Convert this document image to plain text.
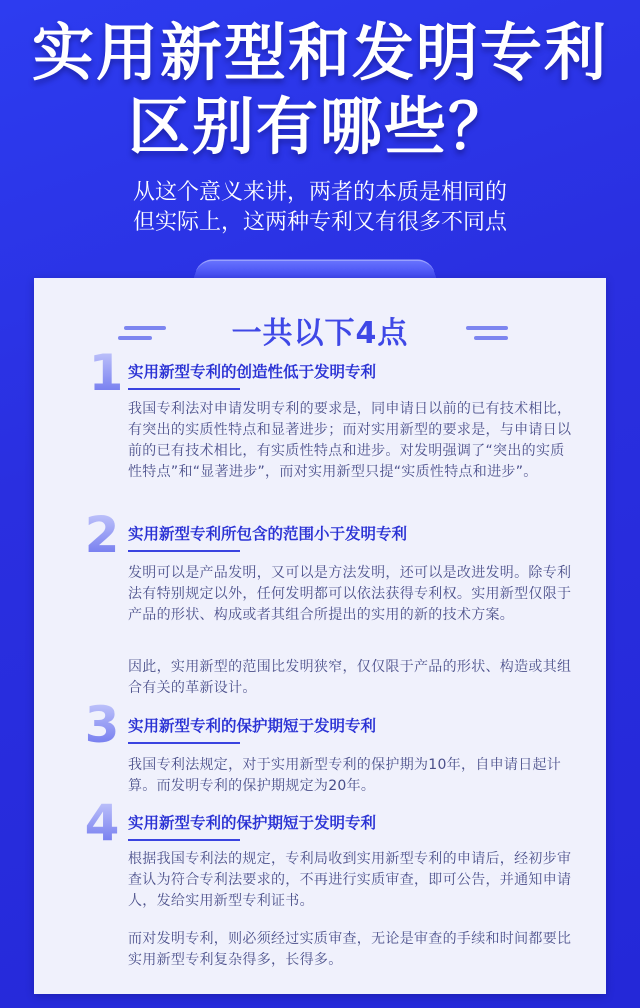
实用新型和发明专利
区别有哪些？
从这个意义来讲，两者的本质是相同的
但实际上，这两种专利又有很多不同点
一共以下4点
1 实用新型专利的创造性低于发明专利
我国专利法对申请发明专利的要求是，同申请日以前的已有技术相比，有突出的实质性特点和显著进步；而对实用新型的要求是，与申请日以前的已有技术相比，有实质性特点和进步。对发明强调了“突出的实质性特点”和“显著进步”，而对实用新型只提“实质性特点和进步”。
2 实用新型专利所包含的范围小于发明专利
发明可以是产品发明，又可以是方法发明，还可以是改进发明。除专利法有特别规定以外，任何发明都可以依法获得专利权。实用新型仅限于产品的形状、构成或者其组合所提出的实用的新的技术方案。
因此，实用新型的范围比发明狭窄，仅仅限于产品的形状、构造或其组合有关的革新设计。
3 实用新型专利的保护期短于发明专利
我国专利法规定，对于实用新型专利的保护期为10年，自申请日起计算。而发明专利的保护期规定为20年。
4 实用新型专利的保护期短于发明专利
根据我国专利法的规定，专利局收到实用新型专利的申请后，经初步审查认为符合专利法要求的，不再进行实质审查，即可公告，并通知申请人，发给实用新型专利证书。
而对发明专利，则必须经过实质审查，无论是审查的手续和时间都要比实用新型专利复杂得多，长得多。
